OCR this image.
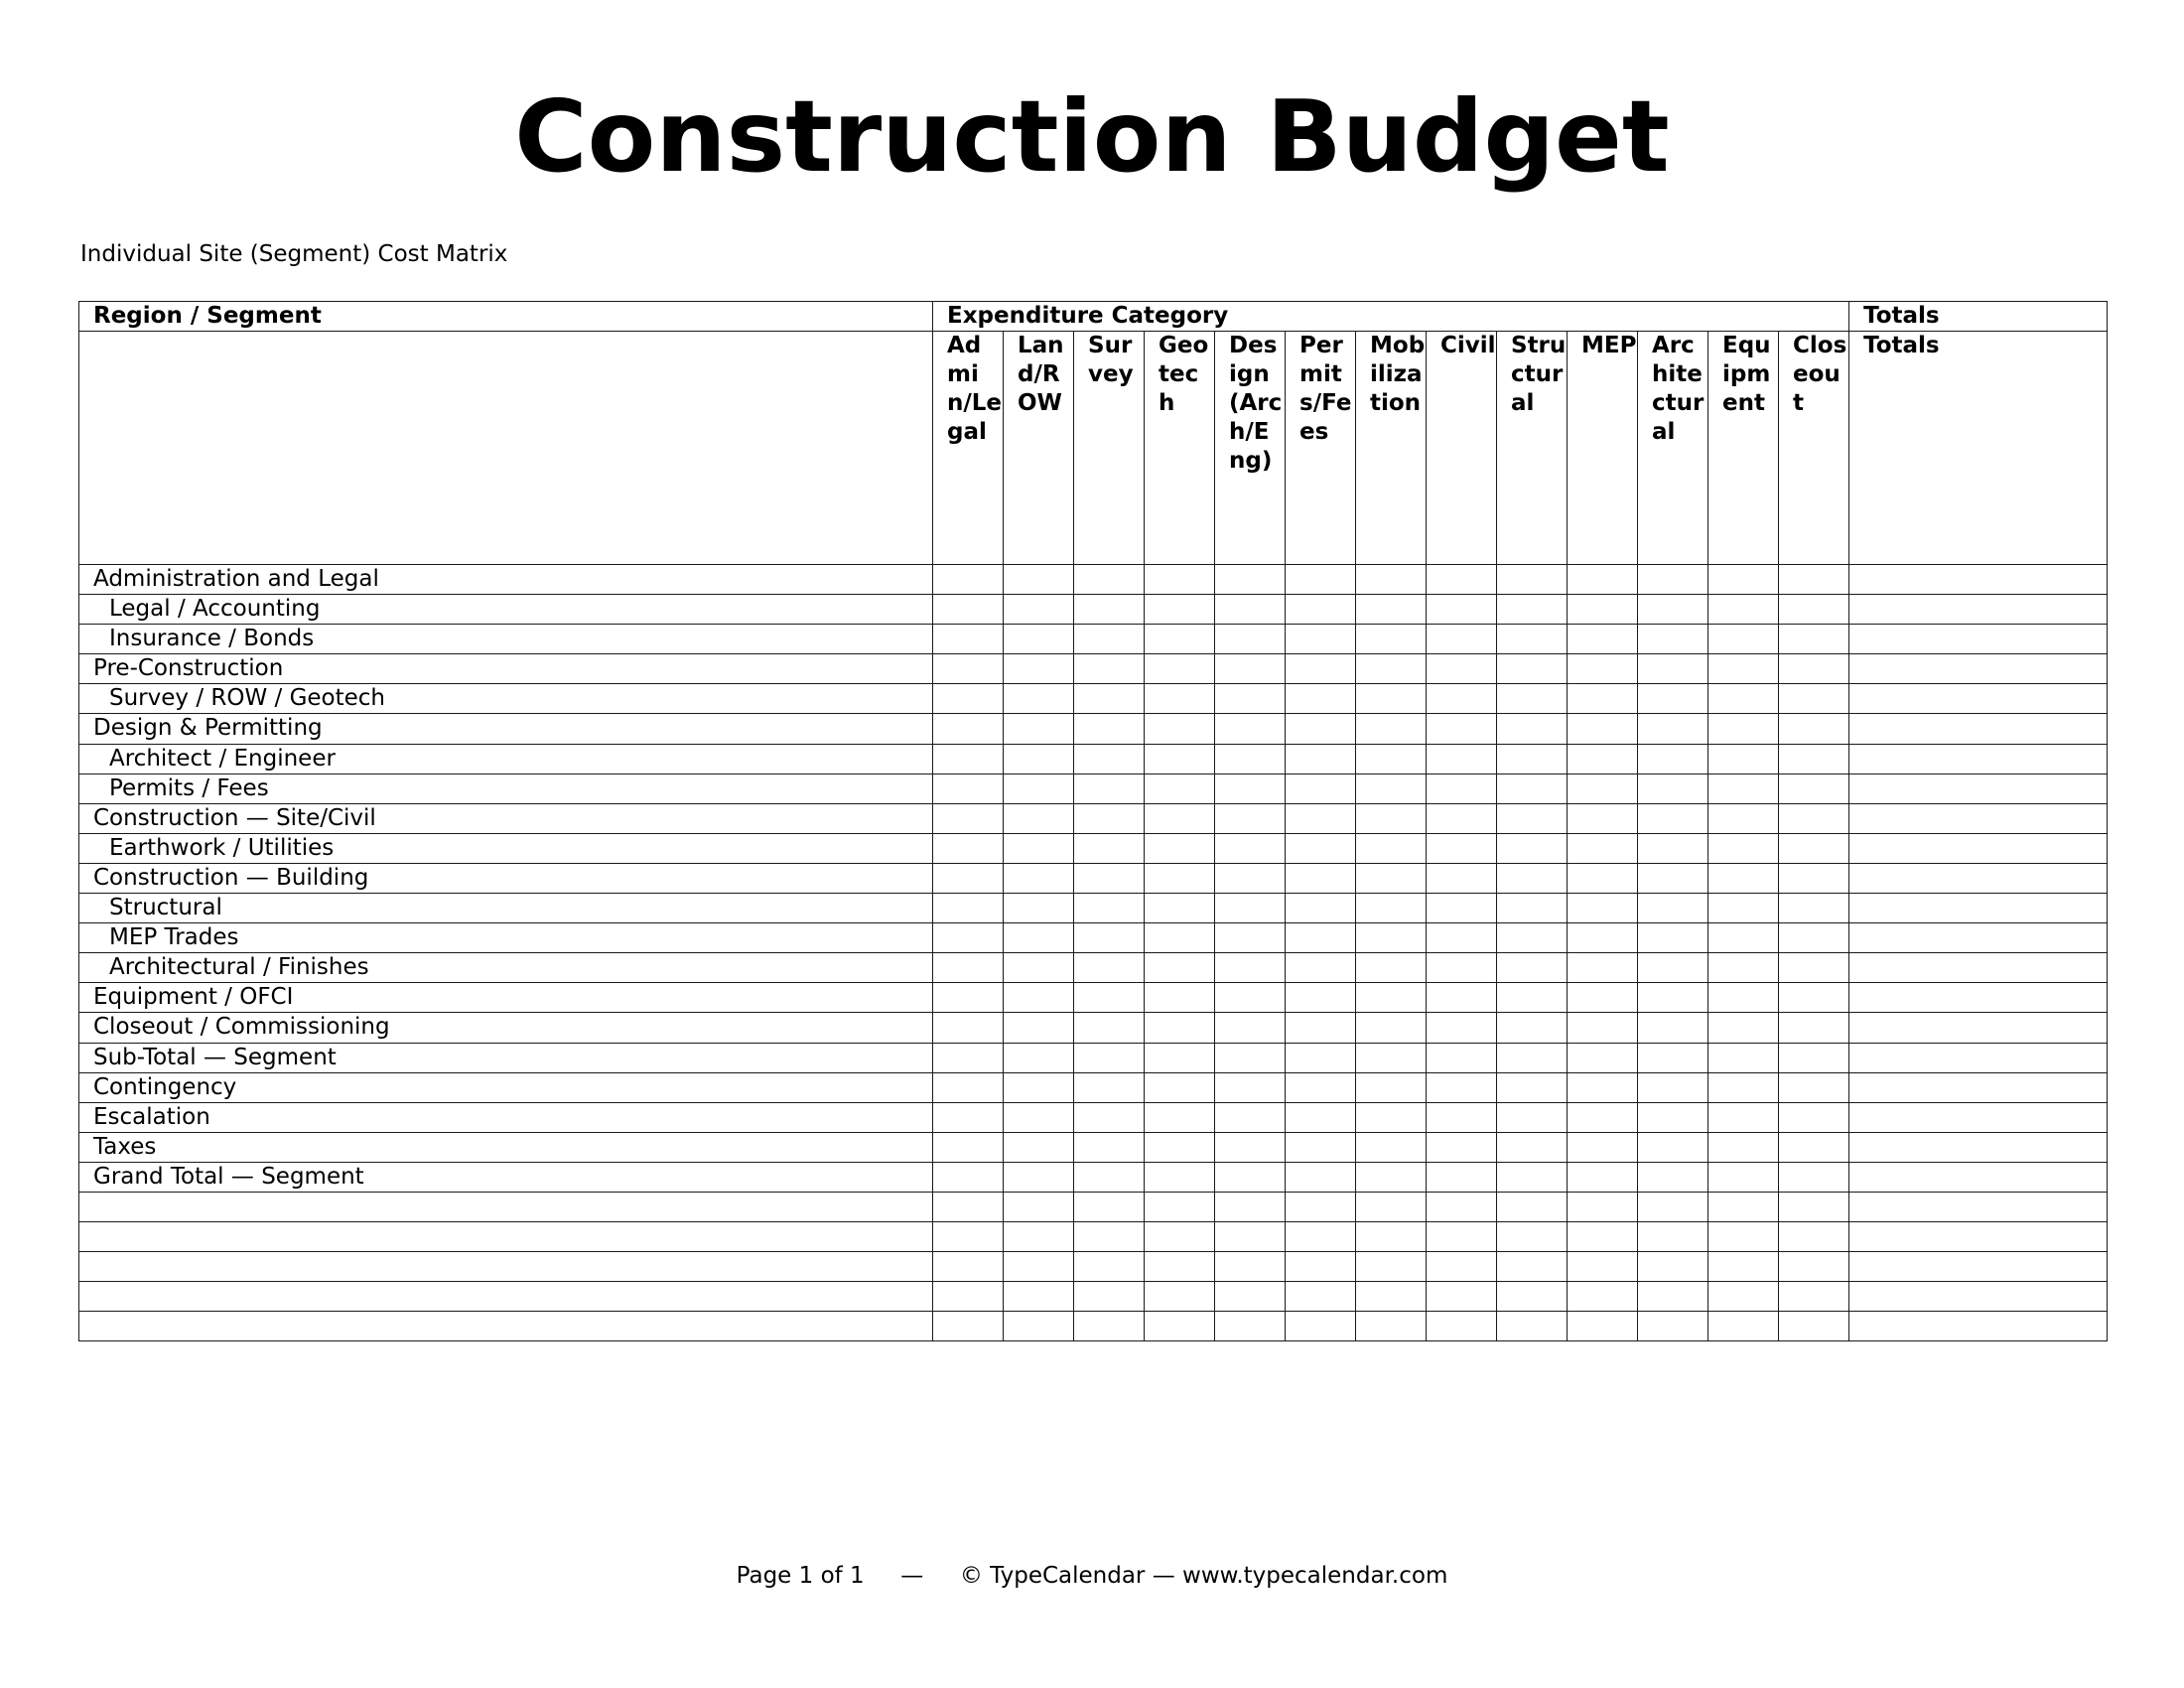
Construction Budget
Individual Site (Segment) Cost Matrix
Region / Segment	Expenditure Category													Totals

	Admin/Legal	Land/ROW	Survey	Geotech	Design(Arch/Eng)	Permits/Fees	Mobilization	Civil	Structural	MEP	Architectural	Equipment	Closeout	Totals
Administration and Legal														
Legal / Accounting														
Insurance / Bonds														
Pre-Construction														
Survey / ROW / Geotech														
Design & Permitting														
Architect / Engineer														
Permits / Fees														
Construction — Site/Civil														
Earthwork / Utilities														
Construction — Building														
Structural														
MEP Trades														
Architectural / Finishes														
Equipment / OFCI														
Closeout / Commissioning														
Sub-Total — Segment														
Contingency														
Escalation														
Taxes														
Grand Total — Segment														

Page 1 of 1 — © TypeCalendar — www.typecalendar.com
